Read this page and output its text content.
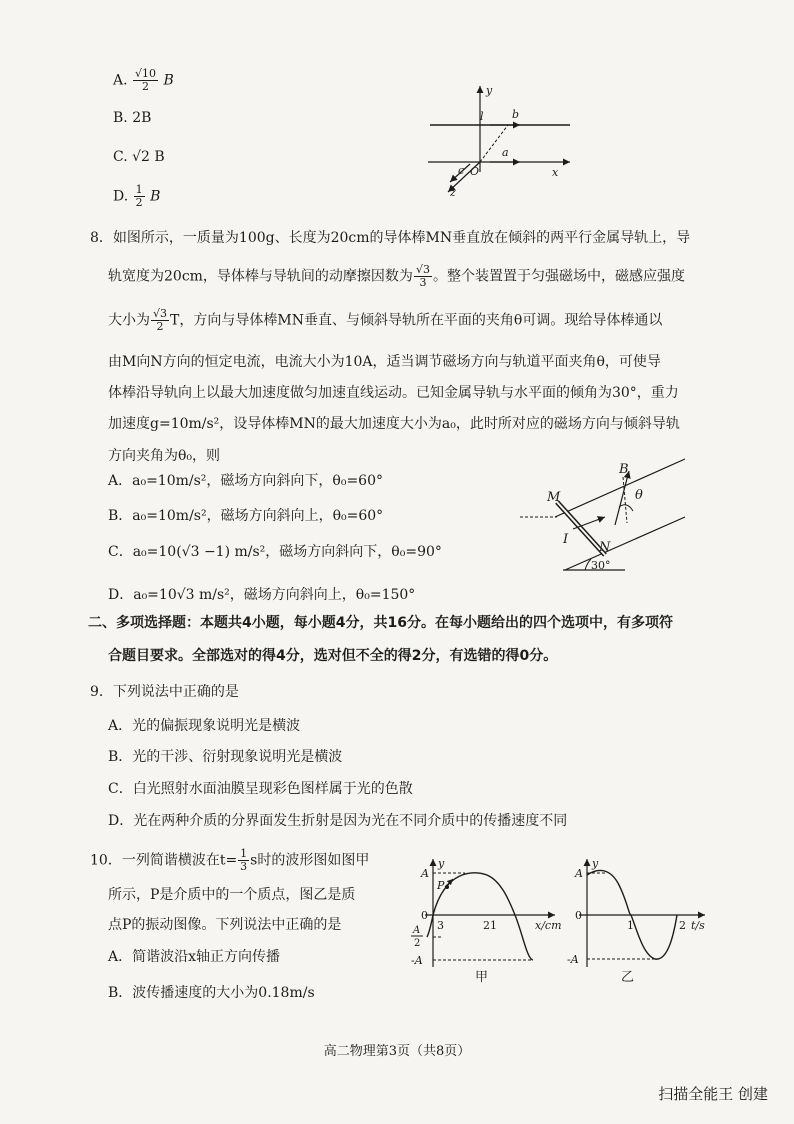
A. $\frac{√10}{2}$ B
B. 2B
C. √2 B
D. $\frac{1}{2}$ B
y
l	b
a
c O	x
z
8．如图所示，一质量为100g、长度为20cm的导体棒MN垂直放在倾斜的两平行金属导轨上，导
轨宽度为20cm，导体棒与导轨间的动摩擦因数为 $\frac{√3}{3}$ 。整个装置置于匀强磁场中，磁感应强度
大小为 $\frac{√3}{2}$ T，方向与导体棒MN垂直、与倾斜导轨所在平面的夹角θ可调。现给导体棒通以
由M向N方向的恒定电流，电流大小为10A，适当调节磁场方向与轨道平面夹角θ，可使导
体棒沿导轨向上以最大加速度做匀加速直线运动。已知金属导轨与水平面的倾角为30°，重力
加速度g=10m/s²，设导体棒MN的最大加速度大小为a₀，此时所对应的磁场方向与倾斜导轨
方向夹角为θ₀，则
A．a₀=10m/s²，磁场方向斜向下，θ₀=60°
B．a₀=10m/s²，磁场方向斜向上，θ₀=60°
C．a₀=10(√3 −1) m/s²，磁场方向斜向下，θ₀=90°
D．a₀=10√3 m/s²，磁场方向斜向上，θ₀=150°
B
θ
M
I
N
30°
二、多项选择题：本题共4小题，每小题4分，共16分。在每小题给出的四个选项中，有多项符
合题目要求。全部选对的得4分，选对但不全的得2分，有选错的得0分。
9．下列说法中正确的是
A．光的偏振现象说明光是横波
B．光的干涉、衍射现象说明光是横波
C．白光照射水面油膜呈现彩色图样属于光的色散
D．光在两种介质的分界面发生折射是因为光在不同介质中的传播速度不同
10．一列简谐横波在$t= \frac{1}{3}$ s时的波形图如图甲
所示，P是介质中的一个质点，图乙是质
点P的振动图像。下列说法中正确的是
A．简谐波沿x轴正方向传播
B．波传播速度的大小为0.18m/s
y
A
P
0
3	21	x/cm
A
2
-A
甲
y
A
0
1	2 t/s
-A
乙
高二物理第3页（共8页）
扫描全能王 创建
